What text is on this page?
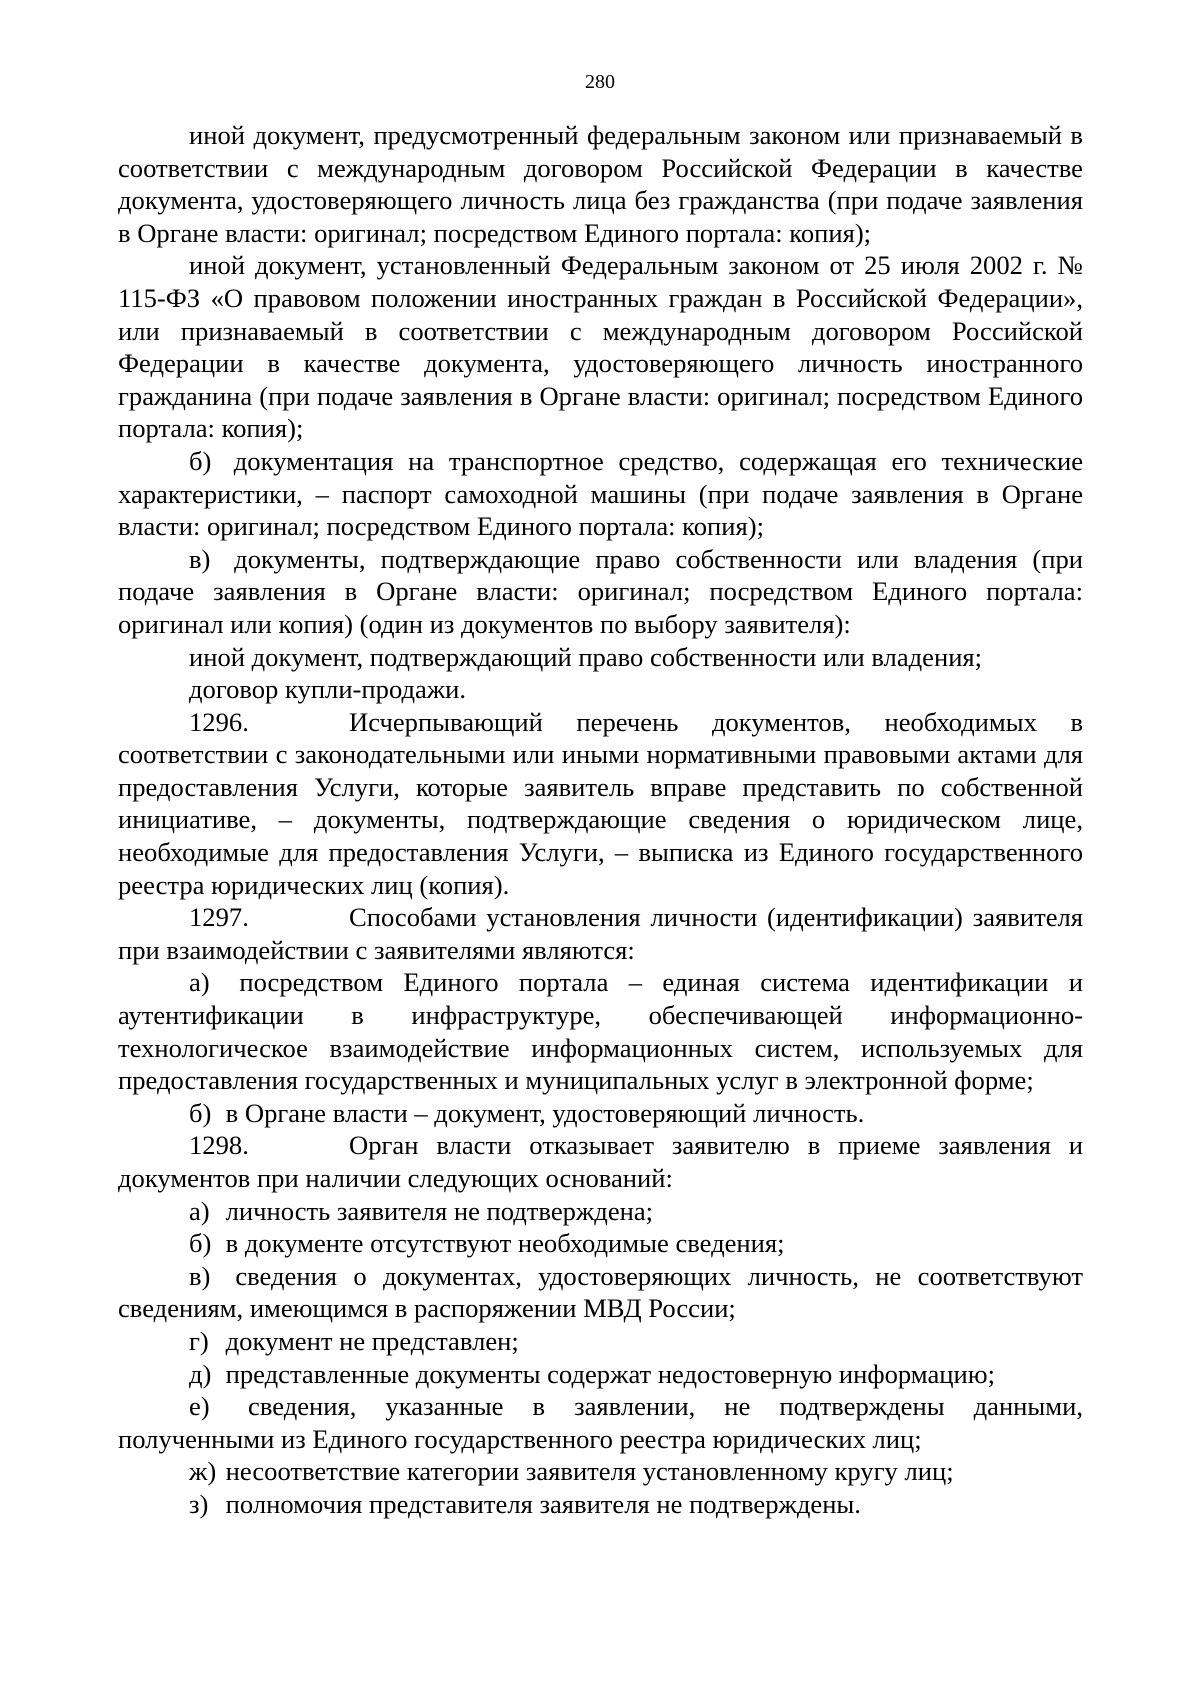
280

иной документ, предусмотренный федеральным законом или признаваемый в соответствии с международным договором Российской Федерации в качестве документа, удостоверяющего личность лица без гражданства (при подаче заявления в Органе власти: оригинал; посредством Единого портала: копия);

иной документ, установленный Федеральным законом от 25 июля 2002 г. № 115-ФЗ «О правовом положении иностранных граждан в Российской Федерации», или признаваемый в соответствии с международным договором Российской Федерации в качестве документа, удостоверяющего личность иностранного гражданина (при подаче заявления в Органе власти: оригинал; посредством Единого портала: копия);

б) документация на транспортное средство, содержащая его технические характеристики, – паспорт самоходной машины (при подаче заявления в Органе власти: оригинал; посредством Единого портала: копия);

в) документы, подтверждающие право собственности или владения (при подаче заявления в Органе власти: оригинал; посредством Единого портала: оригинал или копия) (один из документов по выбору заявителя):

иной документ, подтверждающий право собственности или владения;

договор купли-продажи.

1296.	Исчерпывающий перечень документов, необходимых в соответствии с законодательными или иными нормативными правовыми актами для предоставления Услуги, которые заявитель вправе представить по собственной инициативе, – документы, подтверждающие сведения о юридическом лице, необходимые для предоставления Услуги, – выписка из Единого государственного реестра юридических лиц (копия).

1297.	Способами установления личности (идентификации) заявителя при взаимодействии с заявителями являются:

а) посредством Единого портала – единая система идентификации и аутентификации в инфраструктуре, обеспечивающей информационно-технологическое взаимодействие информационных систем, используемых для предоставления государственных и муниципальных услуг в электронной форме;

б) в Органе власти – документ, удостоверяющий личность.

1298.	Орган власти отказывает заявителю в приеме заявления и документов при наличии следующих оснований:

а) личность заявителя не подтверждена;

б) в документе отсутствуют необходимые сведения;

в) сведения о документах, удостоверяющих личность, не соответствуют сведениям, имеющимся в распоряжении МВД России;

г) документ не представлен;

д) представленные документы содержат недостоверную информацию;

е) сведения, указанные в заявлении, не подтверждены данными, полученными из Единого государственного реестра юридических лиц;

ж) несоответствие категории заявителя установленному кругу лиц;

з) полномочия представителя заявителя не подтверждены.
